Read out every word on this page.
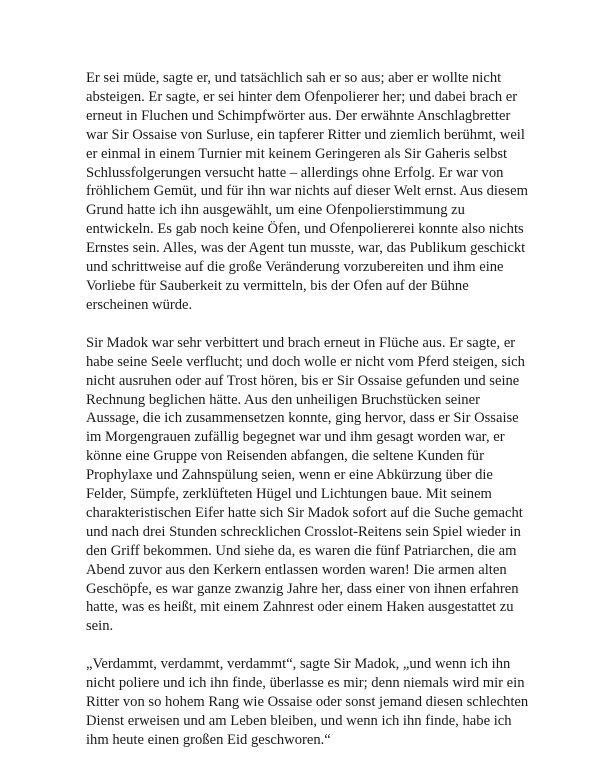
Er sei müde, sagte er, und tatsächlich sah er so aus; aber er wollte nicht
absteigen. Er sagte, er sei hinter dem Ofenpolierer her; und dabei brach er
erneut in Fluchen und Schimpfwörter aus. Der erwähnte Anschlagbretter
war Sir Ossaise von Surluse, ein tapferer Ritter und ziemlich berühmt, weil
er einmal in einem Turnier mit keinem Geringeren als Sir Gaheris selbst
Schlussfolgerungen versucht hatte – allerdings ohne Erfolg. Er war von
fröhlichem Gemüt, und für ihn war nichts auf dieser Welt ernst. Aus diesem
Grund hatte ich ihn ausgewählt, um eine Ofenpolierstimmung zu
entwickeln. Es gab noch keine Öfen, und Ofenpoliererei konnte also nichts
Ernstes sein. Alles, was der Agent tun musste, war, das Publikum geschickt
und schrittweise auf die große Veränderung vorzubereiten und ihm eine
Vorliebe für Sauberkeit zu vermitteln, bis der Ofen auf der Bühne
erscheinen würde.

Sir Madok war sehr verbittert und brach erneut in Flüche aus. Er sagte, er
habe seine Seele verflucht; und doch wolle er nicht vom Pferd steigen, sich
nicht ausruhen oder auf Trost hören, bis er Sir Ossaise gefunden und seine
Rechnung beglichen hätte. Aus den unheiligen Bruchstücken seiner
Aussage, die ich zusammensetzen konnte, ging hervor, dass er Sir Ossaise
im Morgengrauen zufällig begegnet war und ihm gesagt worden war, er
könne eine Gruppe von Reisenden abfangen, die seltene Kunden für
Prophylaxe und Zahnspülung seien, wenn er eine Abkürzung über die
Felder, Sümpfe, zerklüfteten Hügel und Lichtungen baue. Mit seinem
charakteristischen Eifer hatte sich Sir Madok sofort auf die Suche gemacht
und nach drei Stunden schrecklichen Crosslot-Reitens sein Spiel wieder in
den Griff bekommen. Und siehe da, es waren die fünf Patriarchen, die am
Abend zuvor aus den Kerkern entlassen worden waren! Die armen alten
Geschöpfe, es war ganze zwanzig Jahre her, dass einer von ihnen erfahren
hatte, was es heißt, mit einem Zahnrest oder einem Haken ausgestattet zu
sein.

„Verdammt, verdammt, verdammt“, sagte Sir Madok, „und wenn ich ihn
nicht poliere und ich ihn finde, überlasse es mir; denn niemals wird mir ein
Ritter von so hohem Rang wie Ossaise oder sonst jemand diesen schlechten
Dienst erweisen und am Leben bleiben, und wenn ich ihn finde, habe ich
ihm heute einen großen Eid geschworen.“
